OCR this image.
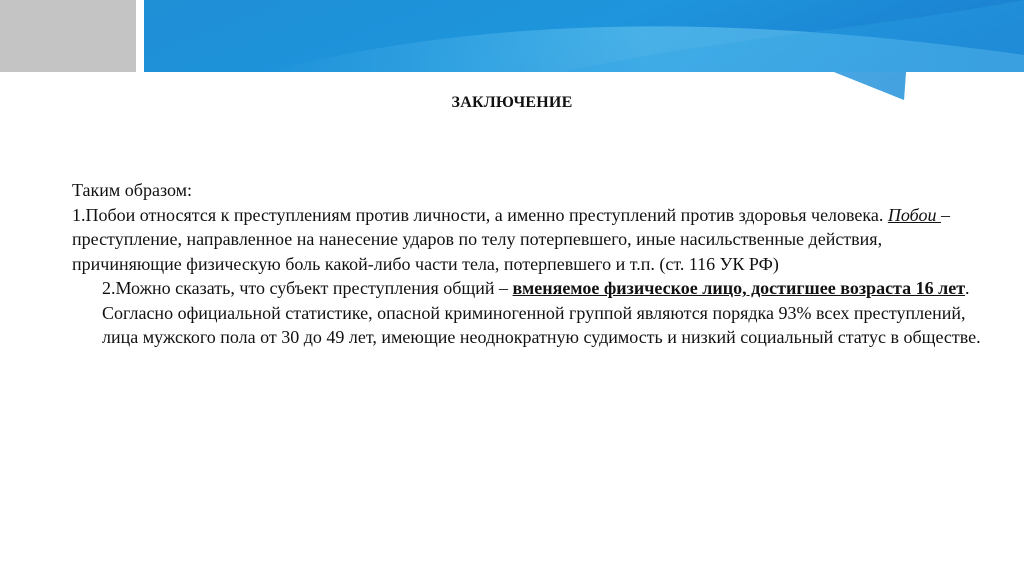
ЗАКЛЮЧЕНИЕ

Таким образом:

1.Побои относятся к преступлениям против личности, а именно преступлений против здоровья человека. Побои – преступление, направленное на нанесение ударов по телу потерпевшего, иные насильственные действия, причиняющие физическую боль какой-либо части тела, потерпевшего и т.п. (ст. 116 УК РФ)

2.Можно сказать, что субъект преступления общий – вменяемое физическое лицо, достигшее возраста 16 лет. Согласно официальной статистике, опасной криминогенной группой являются порядка 93% всех преступлений, лица мужского пола от 30 до 49 лет, имеющие неоднократную судимость и низкий социальный статус в обществе.
